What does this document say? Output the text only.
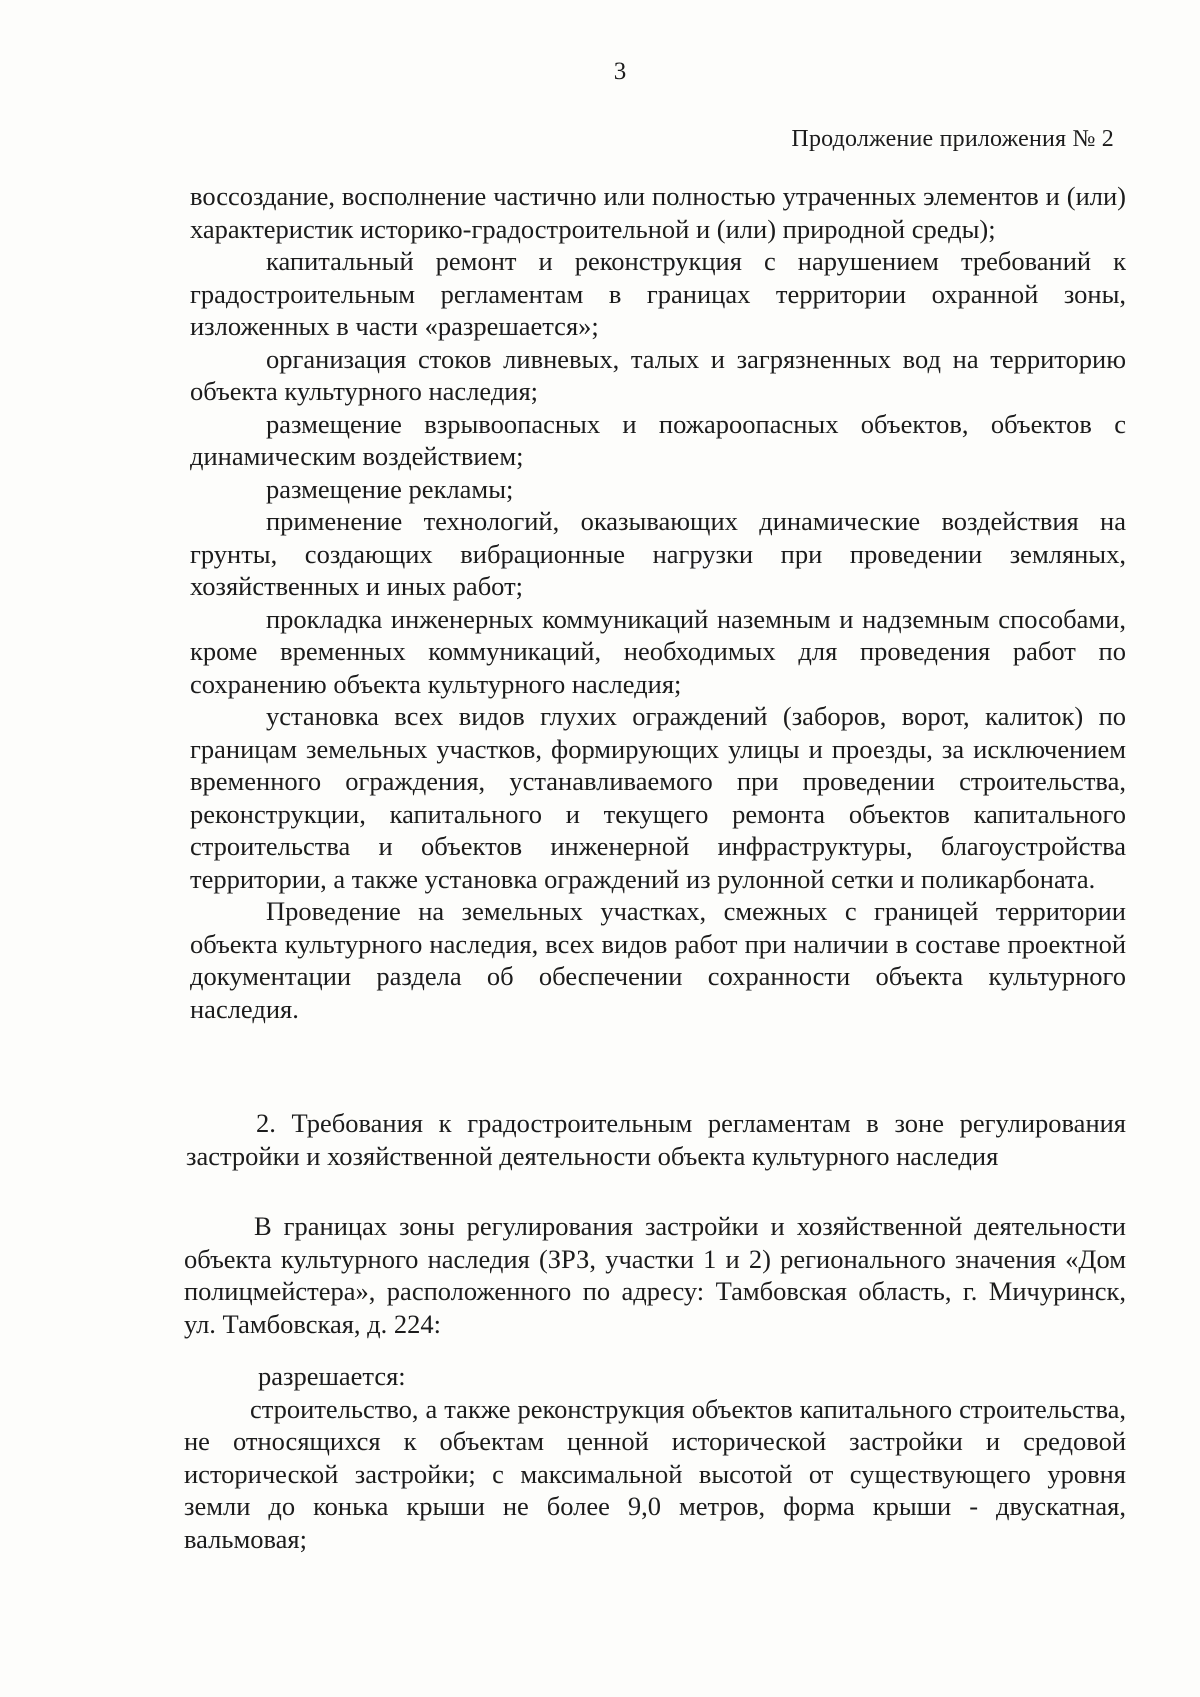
3
Продолжение приложения № 2

воссоздание, восполнение частично или полностью утраченных элементов и (или) характеристик историко-градостроительной и (или) природной среды);

капитальный ремонт и реконструкция с нарушением требований к градостроительным регламентам в границах территории охранной зоны, изложенных в части «разрешается»;

организация стоков ливневых, талых и загрязненных вод на территорию объекта культурного наследия;

размещение взрывоопасных и пожароопасных объектов, объектов с динамическим воздействием;

размещение рекламы;

применение технологий, оказывающих динамические воздействия на грунты, создающих вибрационные нагрузки при проведении земляных, хозяйственных и иных работ;

прокладка инженерных коммуникаций наземным и надземным способами, кроме временных коммуникаций, необходимых для проведения работ по сохранению объекта культурного наследия;

установка всех видов глухих ограждений (заборов, ворот, калиток) по границам земельных участков, формирующих улицы и проезды, за исключением временного ограждения, устанавливаемого при проведении строительства, реконструкции, капитального и текущего ремонта объектов капитального строительства и объектов инженерной инфраструктуры, благоустройства территории, а также установка ограждений из рулонной сетки и поликарбоната.

Проведение на земельных участках, смежных с границей территории объекта культурного наследия, всех видов работ при наличии в составе проектной документации раздела об обеспечении сохранности объекта культурного наследия.

2. Требования к градостроительным регламентам в зоне регулирования застройки и хозяйственной деятельности объекта культурного наследия

В границах зоны регулирования застройки и хозяйственной деятельности объекта культурного наследия (ЗРЗ, участки 1 и 2) регионального значения «Дом полицмейстера», расположенного по адресу: Тамбовская область, г. Мичуринск, ул. Тамбовская, д. 224:

разрешается:

строительство, а также реконструкция объектов капитального строительства, не относящихся к объектам ценной исторической застройки и средовой исторической застройки; с максимальной высотой от существующего уровня земли до конька крыши не более 9,0 метров, форма крыши - двускатная, вальмовая;
